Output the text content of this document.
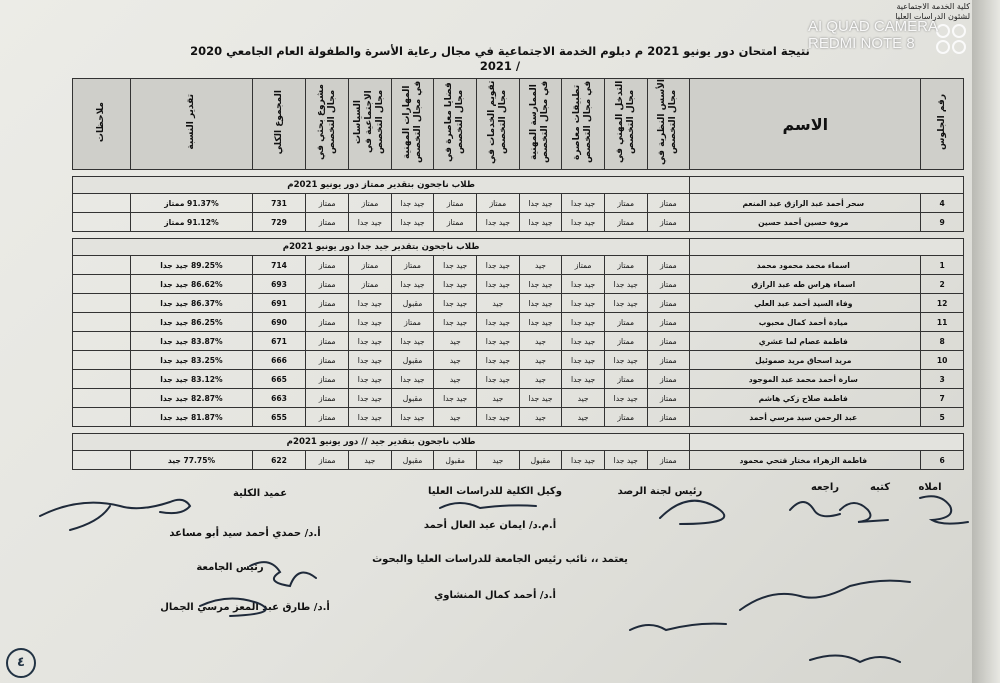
كلية الخدمة الاجتماعية
لشئون الدراسات العليا
AI QUAD CAMERA
REDMI NOTE 8
نتيجة امتحان دور يونيو 2021 م دبلوم الخدمة الاجتماعية في مجال رعاية الأسرة والطفولة العام الجامعي 2020 / 2021
رقم الجلوس	الاسم	الأسس النظرية في مجال التخصص	التدخل المهني في مجال التخصص	تطبيقات معاصرة في مجال التخصص	الممارسة المهنية في مجال التخصص	تقويم الخدمات في مجال التخصص	قضايا معاصرة في مجال التخصص	المهارات المهنية في مجال التخصص	السياسات الاجتماعية في مجال التخصص	مشروع بحثي في مجال التخصص	المجموع الكلي	تقدير النسبة	ملاحظات

		طلاب ناجحون بتقدير ممتاز دور يونيو 2021م											
4	سحر أحمد عبد الرازق عبد المنعم	ممتاز	ممتاز	جيد جدا	جيد جدا	ممتاز	ممتاز	جيد جدا	ممتاز	ممتاز	731	91.37% ممتاز	
9	مروة حسين أحمد حسين	ممتاز	ممتاز	جيد جدا	جيد جدا	جيد جدا	ممتاز	جيد جدا	جيد جدا	ممتاز	729	91.12% ممتاز	

		طلاب ناجحون بتقدير جيد جدا دور يونيو 2021م											
1	اسماء محمد محمود محمد	ممتاز	ممتاز	ممتاز	جيد	جيد جدا	جيد جدا	ممتاز	ممتاز	ممتاز	714	89.25% جيد جدا	
2	اسماء هراس طه عبد الرازق	ممتاز	جيد جدا	جيد جدا	جيد جدا	جيد جدا	جيد جدا	جيد جدا	ممتاز	ممتاز	693	86.62% جيد جدا	
12	وفاء السيد أحمد عبد العلي	ممتاز	جيد جدا	جيد جدا	جيد جدا	جيد	جيد جدا	مقبول	جيد جدا	ممتاز	691	86.37% جيد جدا	
11	ميادة أحمد كمال محبوب	ممتاز	ممتاز	جيد جدا	جيد جدا	جيد جدا	جيد جدا	ممتاز	جيد جدا	ممتاز	690	86.25% جيد جدا	
8	فاطمة عصام لما عشري	ممتاز	ممتاز	جيد جدا	جيد	جيد جدا	جيد	جيد جدا	جيد جدا	ممتاز	671	83.87% جيد جدا	
10	مريد اسحاق مريد صموئيل	ممتاز	جيد جدا	جيد جدا	جيد	جيد جدا	جيد	مقبول	جيد جدا	ممتاز	666	83.25% جيد جدا	
3	سارة أحمد محمد عبد الموجود	ممتاز	ممتاز	جيد جدا	جيد	جيد جدا	جيد	جيد جدا	جيد جدا	ممتاز	665	83.12% جيد جدا	
7	فاطمة صلاح زكي هاشم	ممتاز	جيد جدا	جيد	جيد جدا	جيد	جيد جدا	مقبول	جيد جدا	ممتاز	663	82.87% جيد جدا	
5	عبد الرحمن سيد مرسي أحمد	ممتاز	ممتاز	جيد	جيد	جيد جدا	جيد	جيد جدا	جيد جدا	ممتاز	655	81.87% جيد جدا	

		طلاب ناجحون بتقدير جيد // دور يونيو 2021م											
6	فاطمة الزهراء مختار فتحي محمود	ممتاز	جيد جدا	جيد جدا	مقبول	جيد	مقبول	مقبول	جيد	ممتاز	622	77.75% جيد	
املاه
كتبه
راجعه
رئيس لجنة الرصد
وكيل الكلية للدراسات العليا
أ.م.د/ ايمان عبد العال أحمد
عميد الكلية
أ.د/ حمدي أحمد سيد أبو مساعد
يعتمد ،، نائب رئيس الجامعة للدراسات العليا والبحوث
أ.د/ أحمد كمال المنشاوي
رئيس الجامعة
أ.د/ طارق عبد المعز مرسي الجمال
٤
